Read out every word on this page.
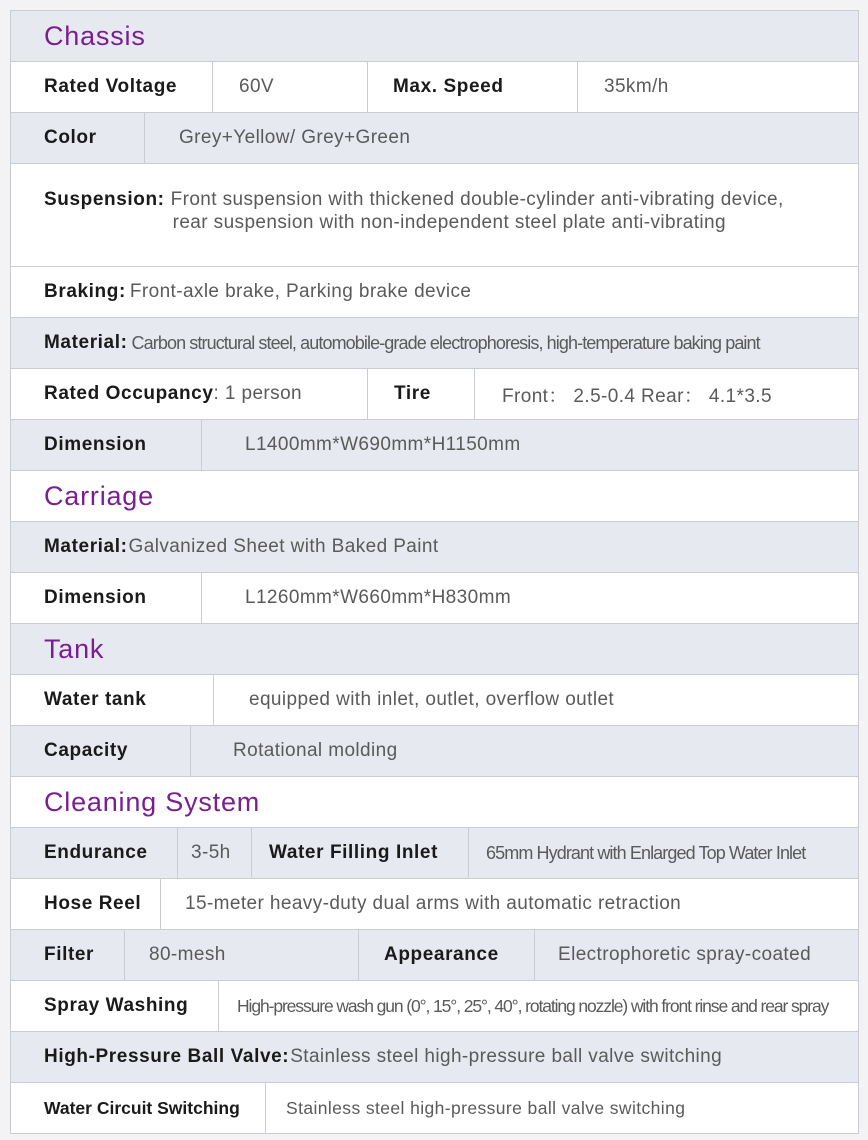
Chassis
Rated Voltage	60V	Max. Speed	35km/h
Color	Grey+Yellow/ Grey+Green
Suspension: Front suspension with thickened double-cylinder anti-vibrating device,
rear suspension with non-independent steel plate anti-vibrating
Braking: Front-axle brake, Parking brake device
Material: Carbon structural steel, automobile-grade electrophoresis, high-temperature baking paint
Rated Occupancy : 1 person	Tire	Front： 2.5-0.4 Rear： 4.1*3.5
Dimension	L1400mm*W690mm*H1150mm
Carriage
Material: Galvanized Sheet with Baked Paint
Dimension	L1260mm*W660mm*H830mm
Tank
Water tank	equipped with inlet, outlet, overflow outlet
Capacity	Rotational molding
Cleaning System
Endurance	3-5h	Water Filling Inlet	65mm Hydrant with Enlarged Top Water Inlet
Hose Reel	15-meter heavy-duty dual arms with automatic retraction
Filter	80-mesh	Appearance	Electrophoretic spray-coated
Spray Washing	High-pressure wash gun (0°, 15°, 25°, 40°, rotating nozzle) with front rinse and rear spray
High-Pressure Ball Valve: Stainless steel high-pressure ball valve switching
Water Circuit Switching	Stainless steel high-pressure ball valve switching
